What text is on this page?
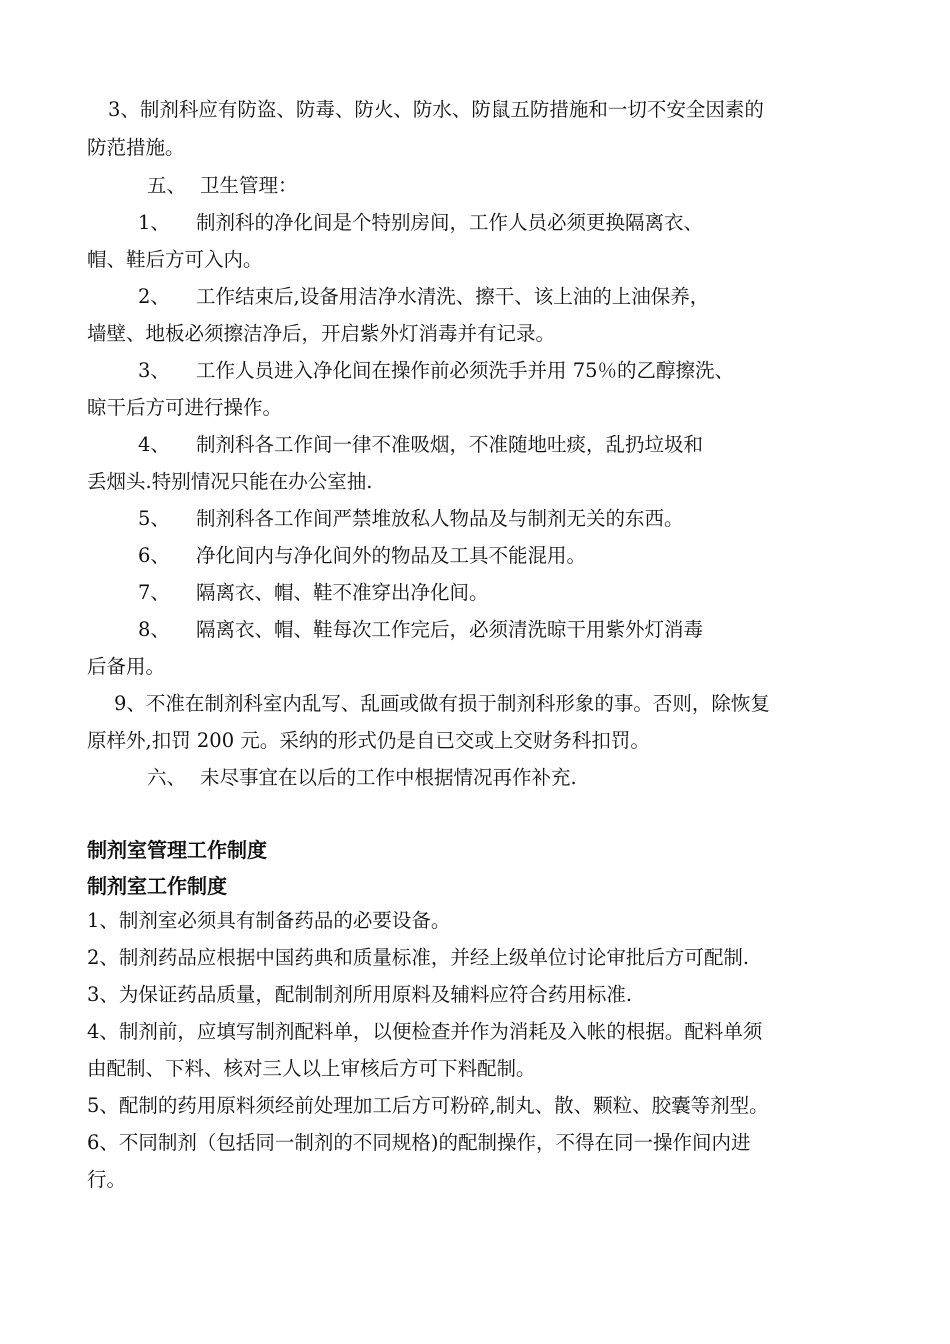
3、制剂科应有防盗、防毒、防火、防水、防鼠五防措施和一切不安全因素的
防范措施。
五、 卫生管理：
1、 制剂科的净化间是个特别房间，工作人员必须更换隔离衣、
帽、鞋后方可入内。
2、 工作结束后,设备用洁净水清洗、擦干、该上油的上油保养，
墙壁、地板必须擦洁净后，开启紫外灯消毒并有记录。
3、 工作人员进入净化间在操作前必须洗手并用 75％的乙醇擦洗、
晾干后方可进行操作。
4、 制剂科各工作间一律不准吸烟，不准随地吐痰，乱扔垃圾和
丢烟头.特别情况只能在办公室抽.
5、 制剂科各工作间严禁堆放私人物品及与制剂无关的东西。
6、 净化间内与净化间外的物品及工具不能混用。
7、 隔离衣、帽、鞋不准穿出净化间。
8、 隔离衣、帽、鞋每次工作完后，必须清洗晾干用紫外灯消毒
后备用。
9、不准在制剂科室内乱写、乱画或做有损于制剂科形象的事。否则，除恢复
原样外,扣罚 200 元。采纳的形式仍是自已交或上交财务科扣罚。
六、 未尽事宜在以后的工作中根据情况再作补充.
制剂室管理工作制度
制剂室工作制度
1、制剂室必须具有制备药品的必要设备。
2、制剂药品应根据中国药典和质量标准，并经上级单位讨论审批后方可配制.
3、为保证药品质量，配制制剂所用原料及辅料应符合药用标准.
4、制剂前，应填写制剂配料单，以便检查并作为消耗及入帐的根据。配料单须
由配制、下料、核对三人以上审核后方可下料配制。
5、配制的药用原料须经前处理加工后方可粉碎,制丸、散、颗粒、胶囊等剂型。
6、不同制剂（包括同一制剂的不同规格)的配制操作，不得在同一操作间内进
行。
